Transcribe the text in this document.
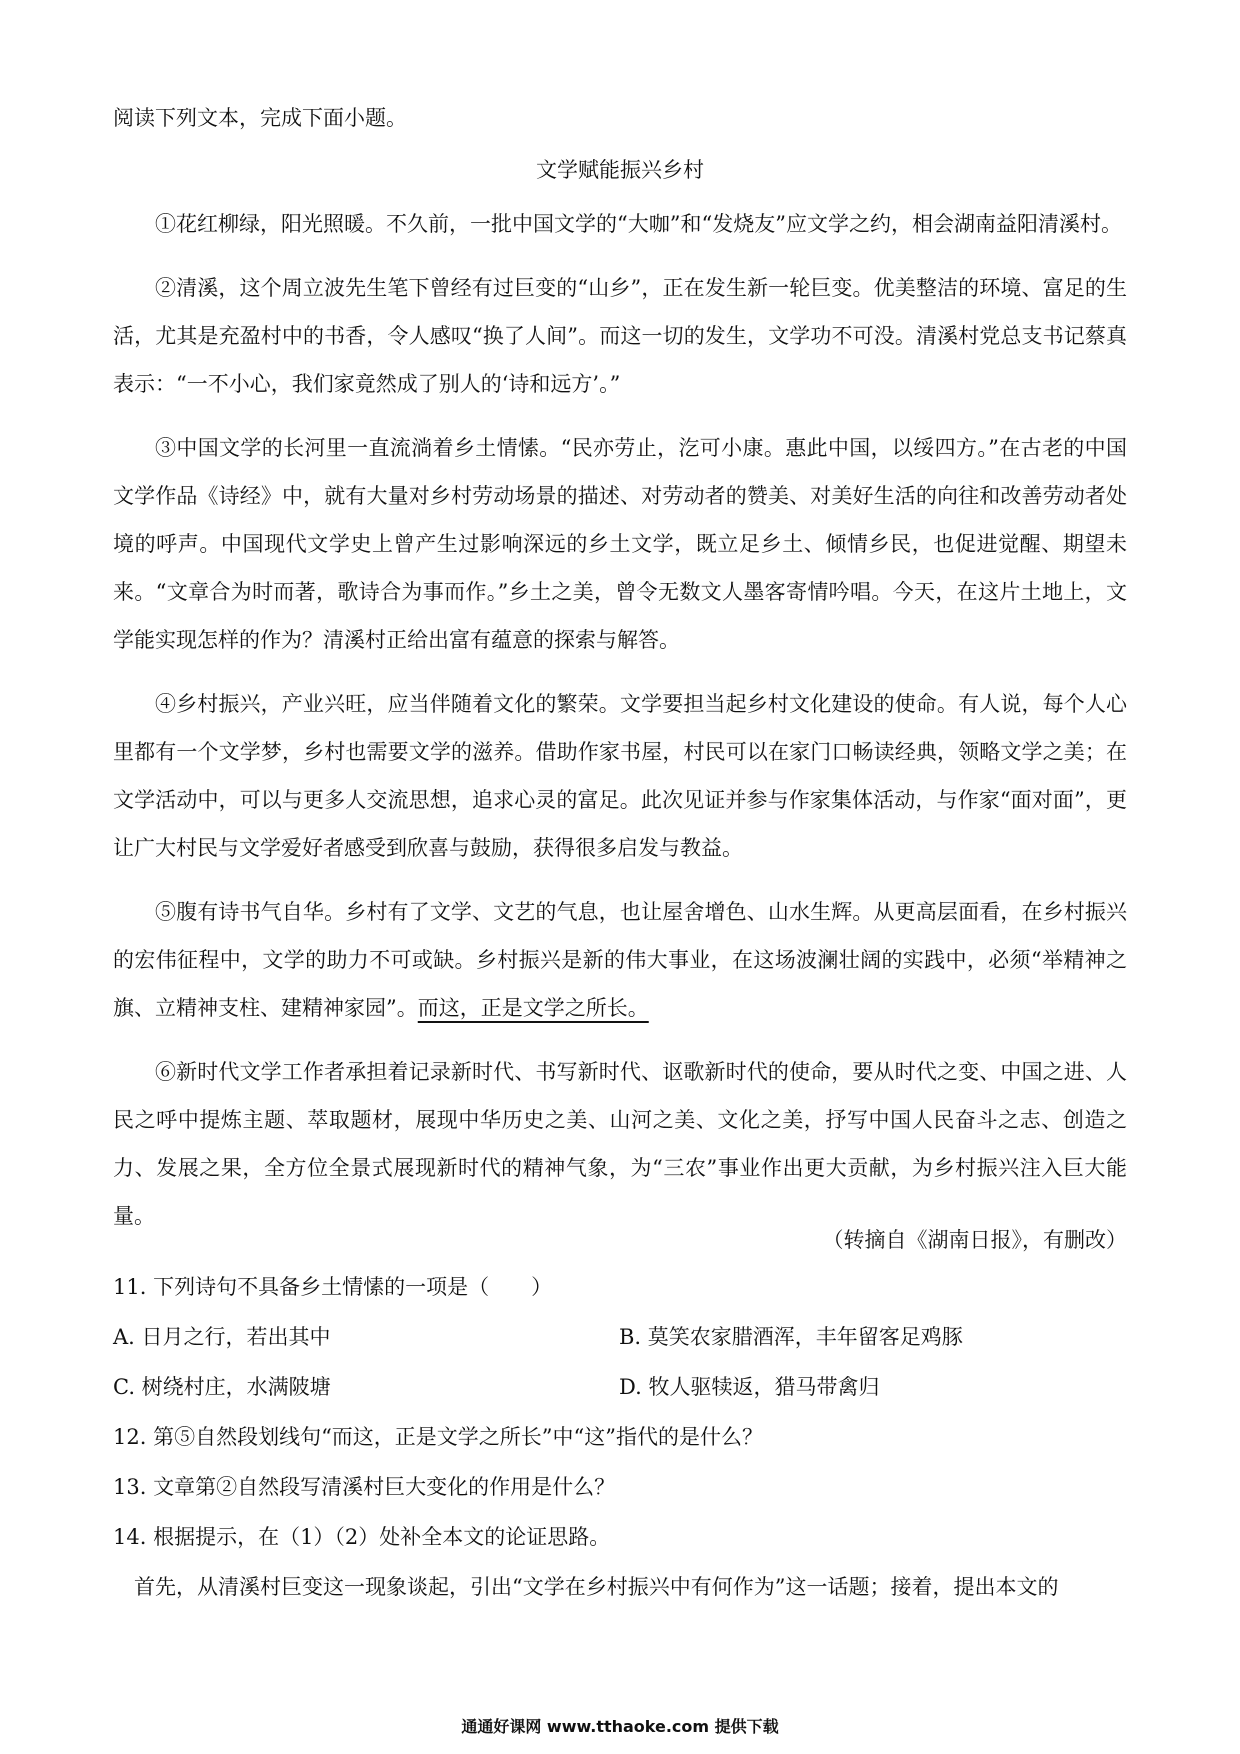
阅读下列文本，完成下面小题。
文学赋能振兴乡村

①花红柳绿，阳光照暖。不久前，一批中国文学的“大咖”和“发烧友”应文学之约，相会湖南益阳清溪村。

②清溪，这个周立波先生笔下曾经有过巨变的“山乡”，正在发生新一轮巨变。优美整洁的环境、富足的生活，尤其是充盈村中的书香，令人感叹“换了人间”。而这一切的发生，文学功不可没。清溪村党总支书记蔡真表示：“一不小心，我们家竟然成了别人的‘诗和远方’。”

③中国文学的长河里一直流淌着乡土情愫。“民亦劳止，汔可小康。惠此中国，以绥四方。”在古老的中国文学作品《诗经》中，就有大量对乡村劳动场景的描述、对劳动者的赞美、对美好生活的向往和改善劳动者处境的呼声。中国现代文学史上曾产生过影响深远的乡土文学，既立足乡土、倾情乡民，也促进觉醒、期望未来。“文章合为时而著，歌诗合为事而作。”乡土之美，曾令无数文人墨客寄情吟唱。今天，在这片土地上，文学能实现怎样的作为？清溪村正给出富有蕴意的探索与解答。

④乡村振兴，产业兴旺，应当伴随着文化的繁荣。文学要担当起乡村文化建设的使命。有人说，每个人心里都有一个文学梦，乡村也需要文学的滋养。借助作家书屋，村民可以在家门口畅读经典，领略文学之美；在文学活动中，可以与更多人交流思想，追求心灵的富足。此次见证并参与作家集体活动，与作家“面对面”，更让广大村民与文学爱好者感受到欣喜与鼓励，获得很多启发与教益。

⑤腹有诗书气自华。乡村有了文学、文艺的气息，也让屋舍增色、山水生辉。从更高层面看，在乡村振兴的宏伟征程中，文学的助力不可或缺。乡村振兴是新的伟大事业，在这场波澜壮阔的实践中，必须“举精神之旗、立精神支柱、建精神家园”。而这，正是文学之所长。

⑥新时代文学工作者承担着记录新时代、书写新时代、讴歌新时代的使命，要从时代之变、中国之进、人民之呼中提炼主题、萃取题材，展现中华历史之美、山河之美、文化之美，抒写中国人民奋斗之志、创造之力、发展之果，全方位全景式展现新时代的精神气象，为“三农”事业作出更大贡献，为乡村振兴注入巨大能量。

（转摘自《湖南日报》，有删改）
11. 下列诗句不具备乡土情愫的一项是（　　）
A. 日月之行，若出其中	B. 莫笑农家腊酒浑，丰年留客足鸡豚
C. 树绕村庄，水满陂塘	D. 牧人驱犊返，猎马带禽归
12. 第⑤自然段划线句“而这，正是文学之所长”中“这”指代的是什么？
13. 文章第②自然段写清溪村巨大变化的作用是什么？
14. 根据提示，在（1）（2）处补全本文的论证思路。
首先，从清溪村巨变这一现象谈起，引出“文学在乡村振兴中有何作为”这一话题；接着，提出本文的
通通好课网 www.tthaoke.com 提供下载
